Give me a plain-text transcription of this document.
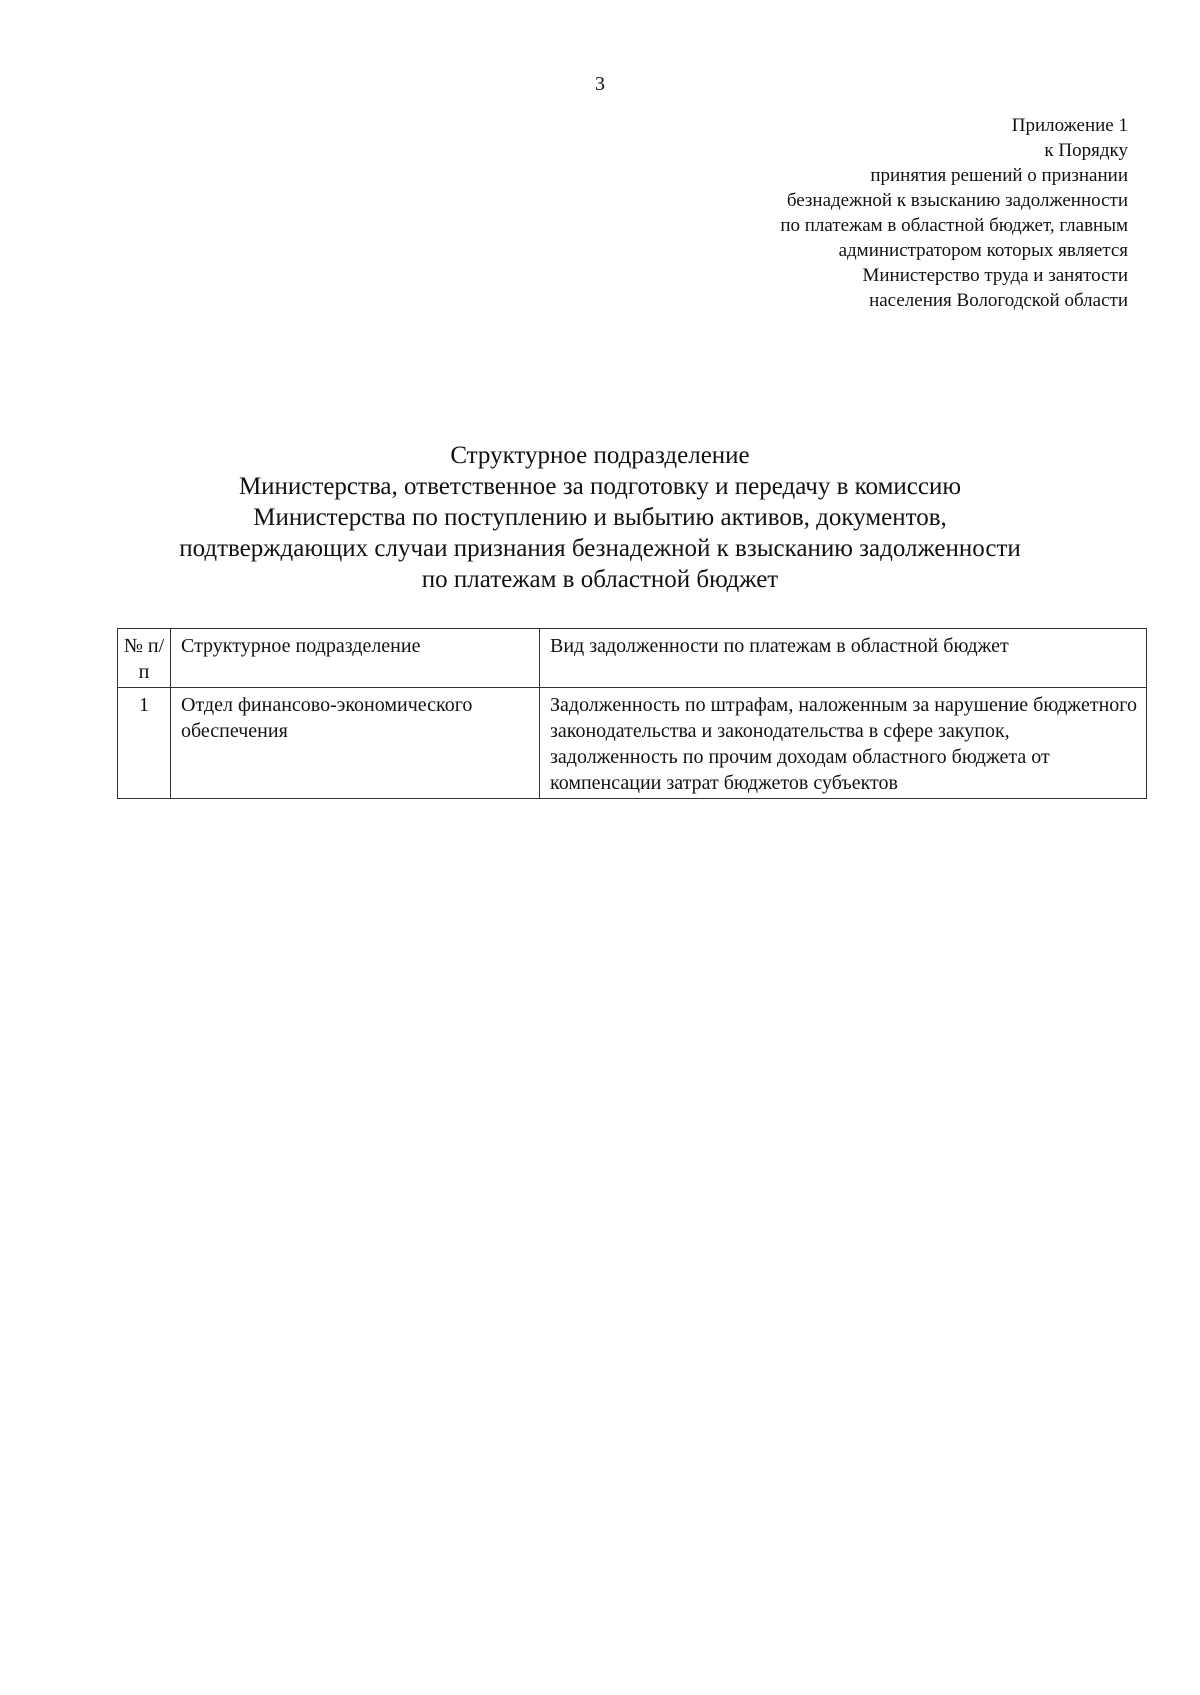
3
Приложение 1
к Порядку
принятия решений о признании
безнадежной к взысканию задолженности
по платежам в областной бюджет, главным
администратором которых является
Министерство труда и занятости
населения Вологодской области
Структурное подразделение
Министерства, ответственное за подготовку и передачу в комиссию
Министерства по поступлению и выбытию активов, документов,
подтверждающих случаи признания безнадежной к взысканию задолженности
по платежам в областной бюджет
№ п/п	Структурное подразделение	Вид задолженности по платежам в областной бюджет
1	Отдел финансово-экономического обеспечения	Задолженность по штрафам, наложенным за нарушение бюджетного законодательства и законодательства в сфере закупок, задолженность по прочим доходам областного бюджета от компенсации затрат бюджетов субъектов
